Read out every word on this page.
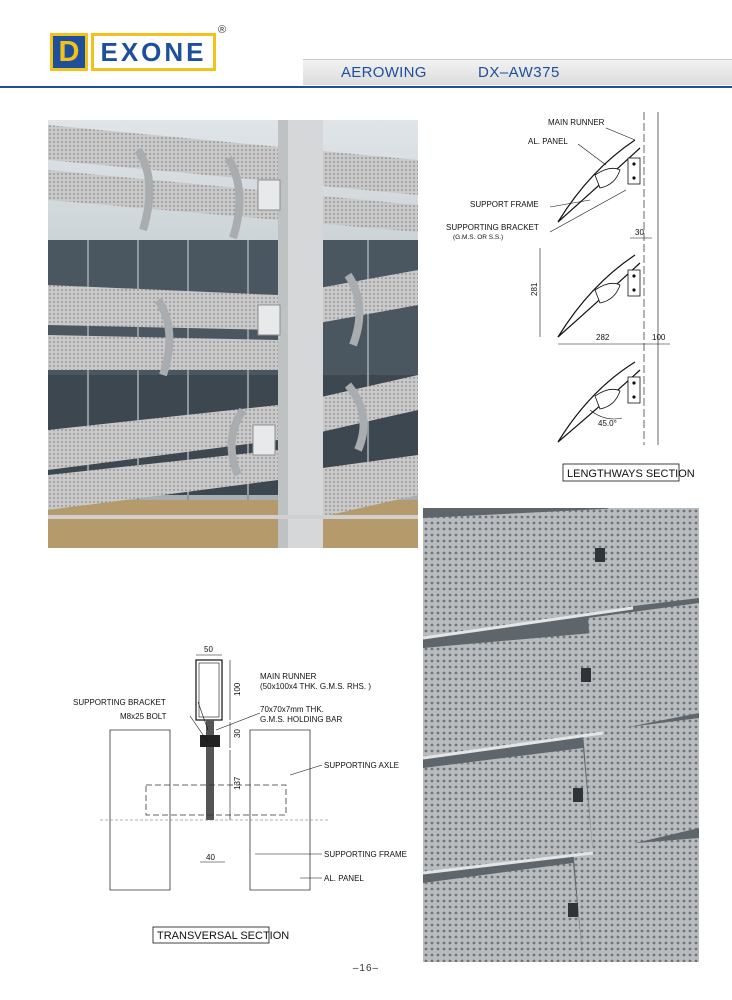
D EXONE
®
AEROWING	DX–AW375
MAIN RUNNER
AL. PANEL
SUPPORT FRAME
SUPPORTING BRACKET
(G.M.S. OR S.S.)
30
281
282	100
45.0°
LENGTHWAYS SECTION
50
100
30
137
40
MAIN RUNNER
(50x100x4 THK. G.M.S. RHS. )
SUPPORTING BRACKET
M8x25 BOLT
70x70x7mm THK.
G.M.S. HOLDING BAR
SUPPORTING AXLE
SUPPORTING FRAME
AL. PANEL
TRANSVERSAL SECTION
–16–
